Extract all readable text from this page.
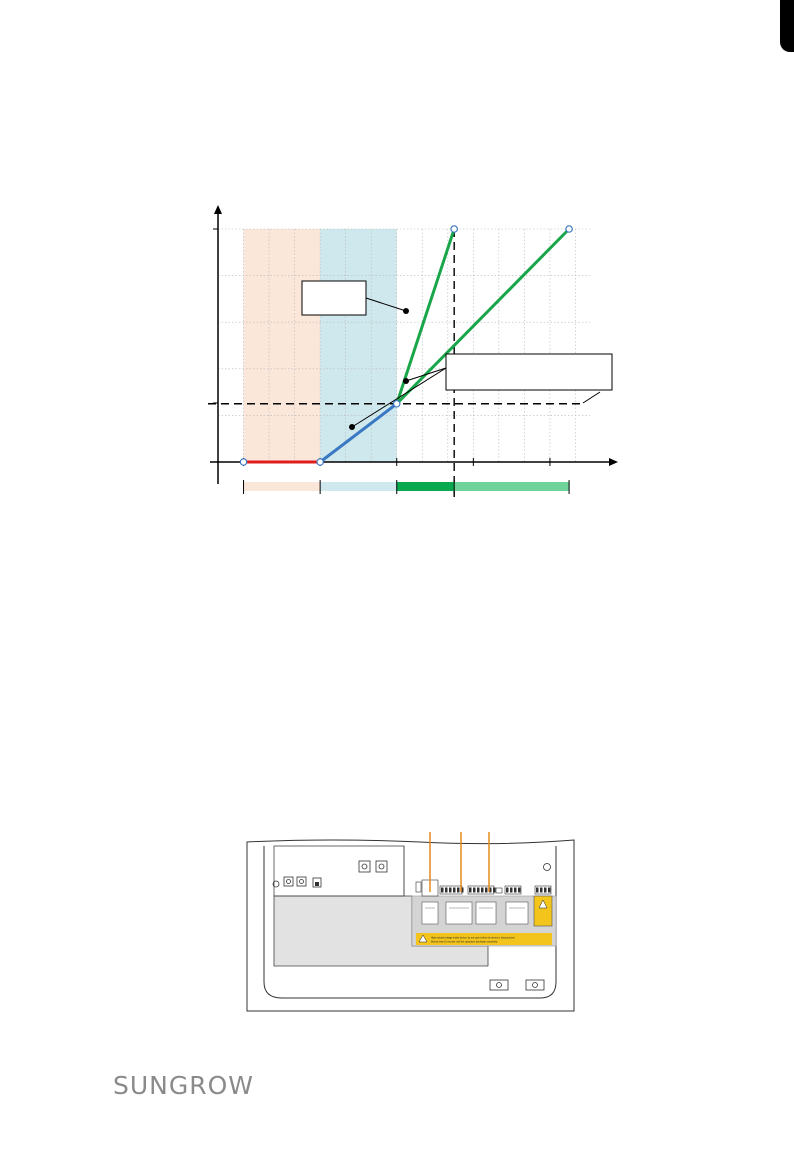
High residual voltage inside device, do not open before the device is disconnected
Wait at least 10 minutes until the capacitors discharge completely.
SUNGROW
